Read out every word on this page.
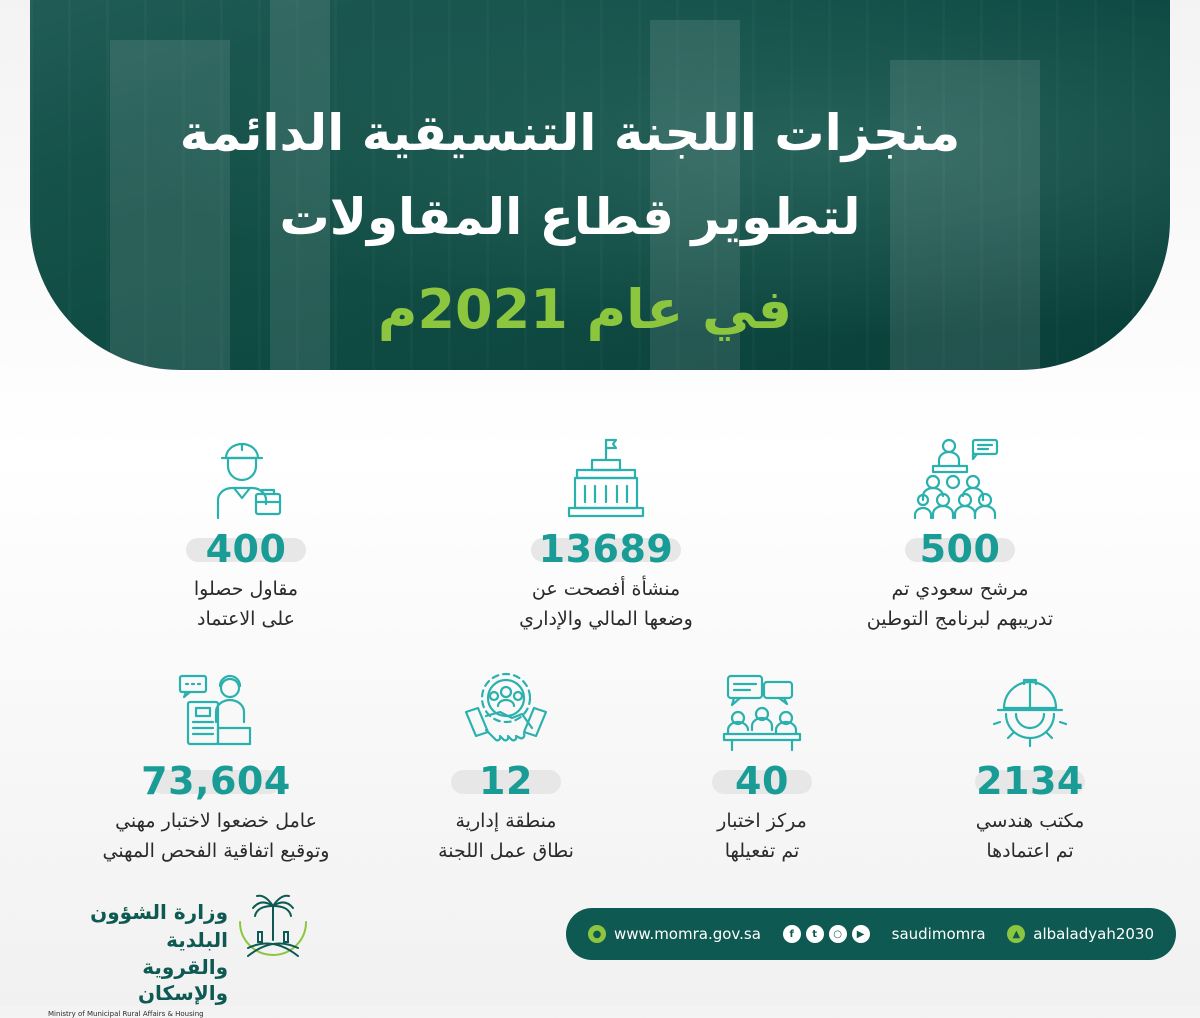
منجزات اللجنة التنسيقية الدائمة
لتطوير قطاع المقاولات
في عام 2021م
400
مقاول حصلوا
على الاعتماد
13689
منشأة أفصحت عن
وضعها المالي والإداري
500
مرشح سعودي تم
تدريبهم لبرنامج التوطين
73,604
عامل خضعوا لاختبار مهني
وتوقيع اتفاقية الفحص المهني
12
منطقة إدارية
نطاق عمل اللجنة
40
مركز اختبار
تم تفعيلها
2134
مكتب هندسي
تم اعتمادها
وزارة الشؤون البلدية
والقروية والإسكان
Ministry of Municipal Rural Affairs & Housing
● www.momra.gov.sa	f	t	○	▶	saudimomra	▲ albaladyah2030
